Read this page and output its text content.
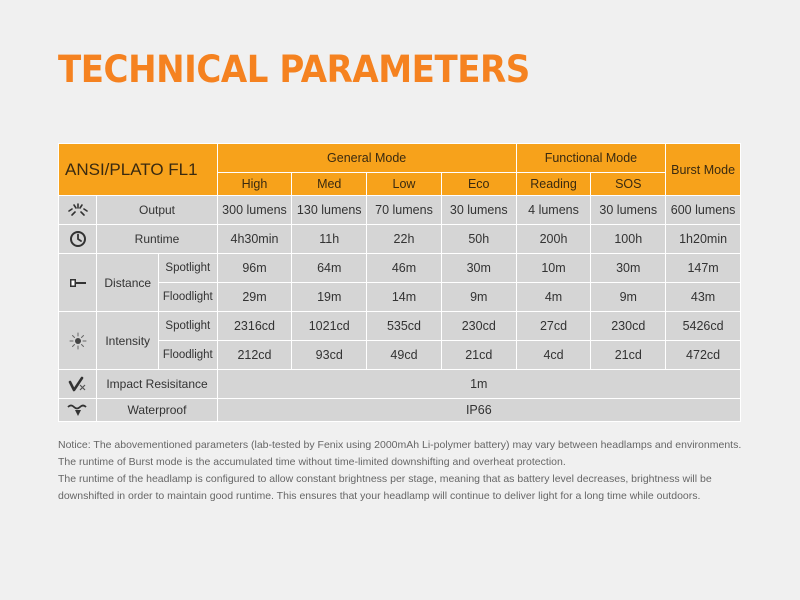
TECHNICAL PARAMETERS
ANSI/PLATO FL1			General Mode				Functional Mode		Burst Mode
			High	Med	Low	Eco	Reading	SOS	

	Output		300 lumens	130 lumens	70 lumens	30 lumens	4 lumens	30 lumens	600 lumens

	Runtime		4h30min	11h	22h	50h	200h	100h	1h20min

	Distance	Spotlight	96m	64m	46m	30m	10m	30m	147m
		Floodlight	29m	19m	14m	9m	4m	9m	43m

	Intensity	Spotlight	2316cd	1021cd	535cd	230cd	27cd	230cd	5426cd
		Floodlight	212cd	93cd	49cd	21cd	4cd	21cd	472cd

	Impact Resisitance		1m						

	Waterproof		IP66						

Notice: The abovementioned parameters (lab-tested by Fenix using 2000mAh Li-polymer battery) may vary between headlamps and environments. The runtime of Burst mode is the accumulated time without time-limited downshifting and overheat protection.

The runtime of the headlamp is configured to allow constant brightness per stage, meaning that as battery level decreases, brightness will be downshifted in order to maintain good runtime. This ensures that your headlamp will continue to deliver light for a long time while outdoors.
